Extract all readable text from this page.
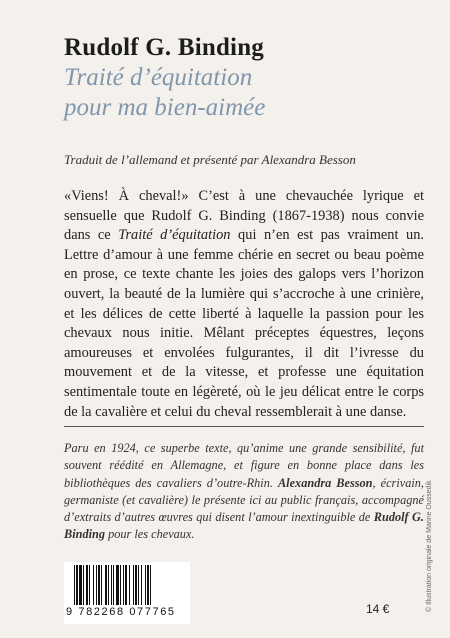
Rudolf G. Binding
Traité d’équitation
pour ma bien-aimée
Traduit de l’allemand et présenté par Alexandra Besson

«Viens! À cheval!» C’est à une chevauchée lyrique et sensuelle que Rudolf G. Binding (1867-1938) nous convie dans ce Traité d’équitation qui n’en est pas vraiment un. Lettre d’amour à une femme chérie en secret ou beau poème en prose, ce texte chante les joies des galops vers l’horizon ouvert, la beauté de la lumière qui s’accroche à une crinière, et les délices de cette liberté à laquelle la passion pour les chevaux nous initie. Mêlant préceptes équestres, leçons amoureuses et envolées fulgurantes, il dit l’ivresse du mouvement et de la vitesse, et professe une équitation sentimentale toute en légèreté, où le jeu délicat entre le corps de la cavalière et celui du cheval ressemblerait à une danse.

Paru en 1924, ce superbe texte, qu’anime une grande sensibilité, fut souvent réédité en Allemagne, et figure en bonne place dans les bibliothèques des cavaliers d’outre-Rhin. Alexandra Besson, écrivain, germaniste (et cavalière) le présente ici au public français, accompagné d’extraits d’autres œuvres qui disent l’amour inextinguible de Rudolf G. Binding pour les chevaux.	© Illustration originale de Marine Oussedik
9 782268 077765	14 €
